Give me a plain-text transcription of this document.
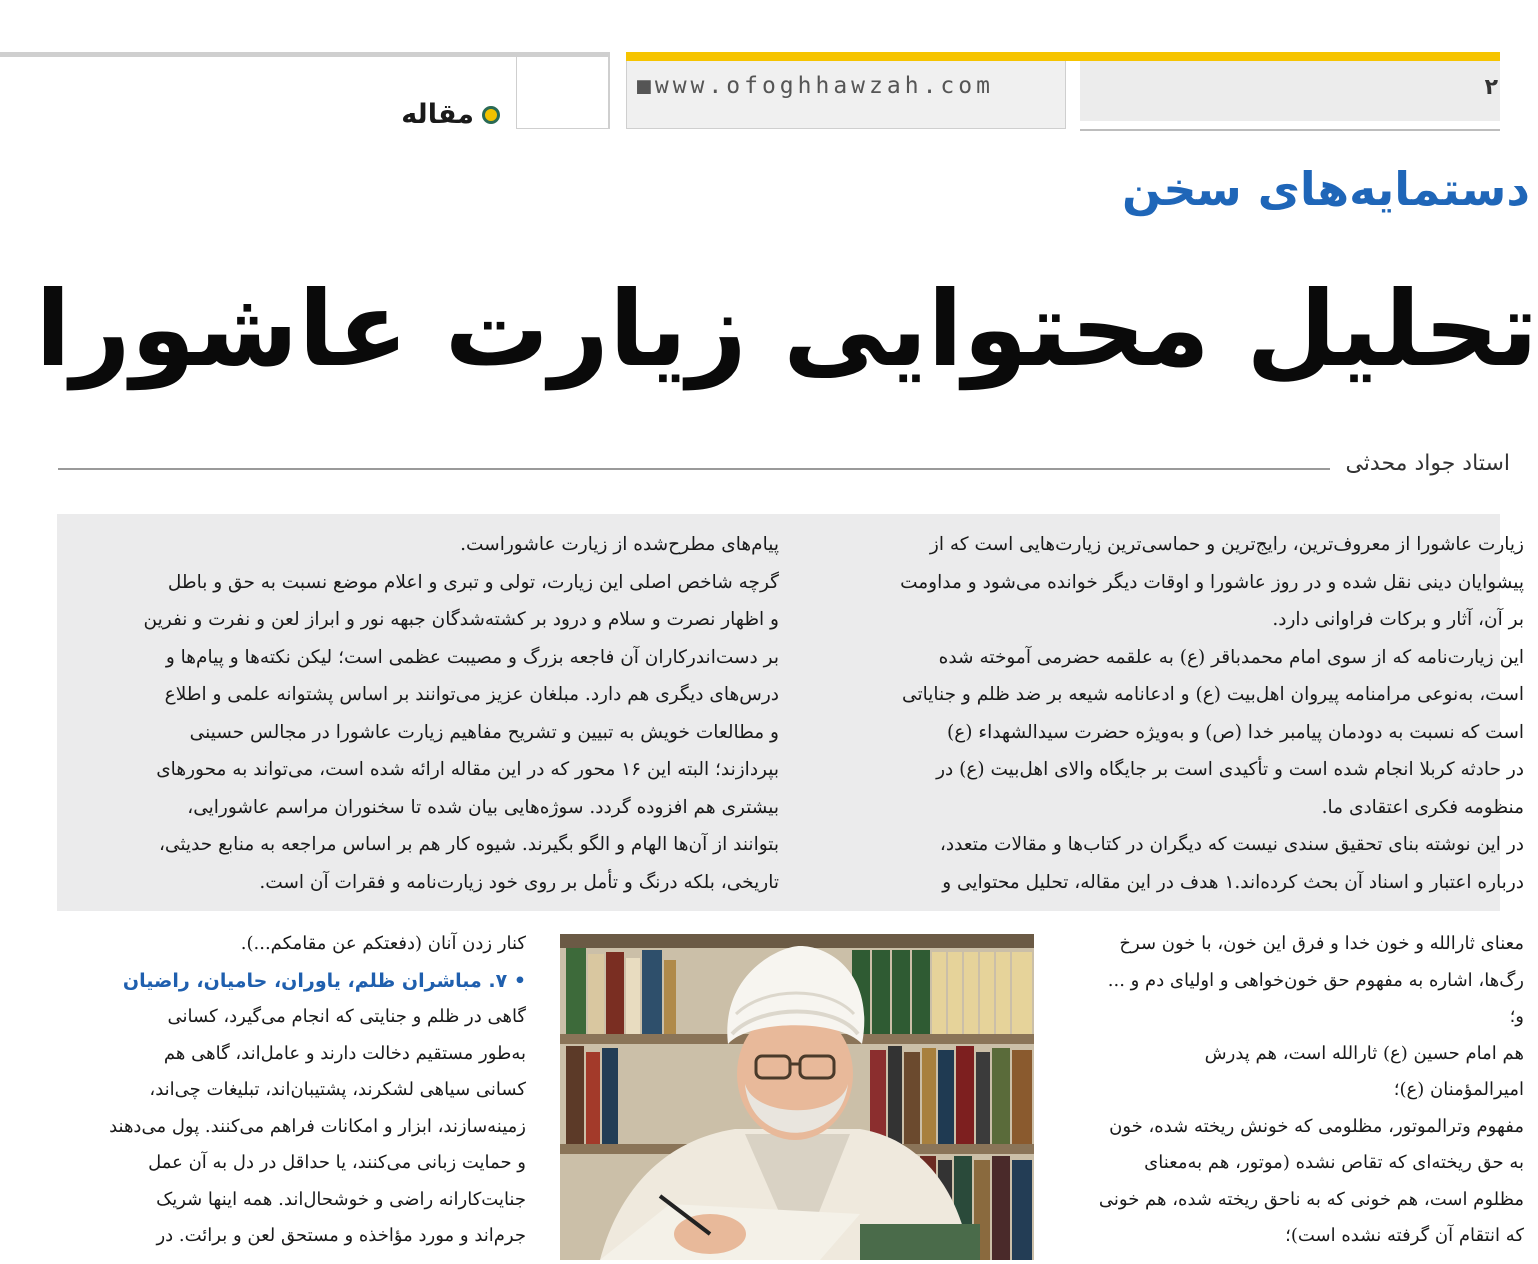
مقاله
■www.ofoghhawzah.com	۲
دستمایه‌های سخن
تحلیل محتوایی زیارت عاشورا
استاد جواد محدثی

زیارت عاشورا از معروف‌ترین، رایج‌ترین و حماسی‌ترین زیارت‌هایی است که از
پیشوایان دینی نقل شده و در روز عاشورا و اوقات دیگر خوانده می‌شود و مداومت
بر آن، آثار و برکات فراوانی دارد.

این زیارت‌نامه که از سوی امام محمدباقر (ع) به علقمه حضرمی آموخته شده
است، به‌نوعی مرامنامه پیروان اهل‌بیت (ع) و ادعانامه شیعه بر ضد ظلم و جنایاتی
است که نسبت به دودمان پیامبر خدا (ص) و به‌ویژه حضرت سیدالشهداء (ع)
در حادثه کربلا انجام شده است و تأکیدی است بر جایگاه والای اهل‌بیت (ع) در
منظومه فکری اعتقادی ما.

در این نوشته بنای تحقیق سندی نیست که دیگران در کتاب‌ها و مقالات متعدد،
درباره اعتبار و اسناد آن بحث کرده‌اند.۱ هدف در این مقاله، تحلیل محتوایی و

پیام‌های مطرح‌شده از زیارت عاشوراست.

گرچه شاخص اصلی این زیارت، تولی و تبری و اعلام موضع نسبت به حق و باطل
و اظهار نصرت و سلام و درود بر کشته‌شدگان جبهه نور و ابراز لعن و نفرت و نفرین
بر دست‌اندرکاران آن فاجعه بزرگ و مصیبت عظمی است؛ لیکن نکته‌ها و پیام‌ها و
درس‌های دیگری هم دارد. مبلغان عزیز می‌توانند بر اساس پشتوانه علمی و اطلاع
و مطالعات خویش به تبیین و تشریح مفاهیم زیارت عاشورا در مجالس حسینی
بپردازند؛ البته این ۱۶ محور که در این مقاله ارائه شده است، می‌تواند به محورهای
بیشتری هم افزوده گردد. سوژه‌هایی بیان شده تا سخنوران مراسم عاشورایی،
بتوانند از آن‌ها الهام و الگو بگیرند. شیوه کار هم بر اساس مراجعه به منابع حدیثی،
تاریخی، بلکه درنگ و تأمل بر روی خود زیارت‌نامه و فقرات آن است.

معنای ثارالله و خون خدا و فرق این خون، با خون سرخ
رگ‌ها، اشاره به مفهوم حق خون‌خواهی و اولیای دم و ...
و؛

هم امام حسین (ع) ثارالله است، هم پدرش
امیرالمؤمنان (ع)؛

مفهوم وترالموتور، مظلومی که خونش ریخته شده، خون
به حق ریخته‌ای که تقاص نشده (موتور، هم به‌معنای
مظلوم است، هم خونی که به ناحق ریخته شده، هم خونی
که انتقام آن گرفته نشده است)؛

کنار زدن آنان (دفعتکم عن مقامکم...).

• ۷. مباشران ظلم، یاوران، حامیان، راضیان

گاهی در ظلم و جنایتی که انجام می‌گیرد، کسانی
به‌طور مستقیم دخالت دارند و عامل‌اند، گاهی هم
کسانی سیاهی لشکرند، پشتیبان‌اند، تبلیغات چی‌اند،
زمینه‌سازند، ابزار و امکانات فراهم می‌کنند. پول می‌دهند
و حمایت زبانی می‌کنند، یا حداقل در دل به آن عمل
جنایت‌کارانه راضی و خوشحال‌اند. همه اینها شریک
جرم‌اند و مورد مؤاخذه و مستحق لعن و برائت. در
